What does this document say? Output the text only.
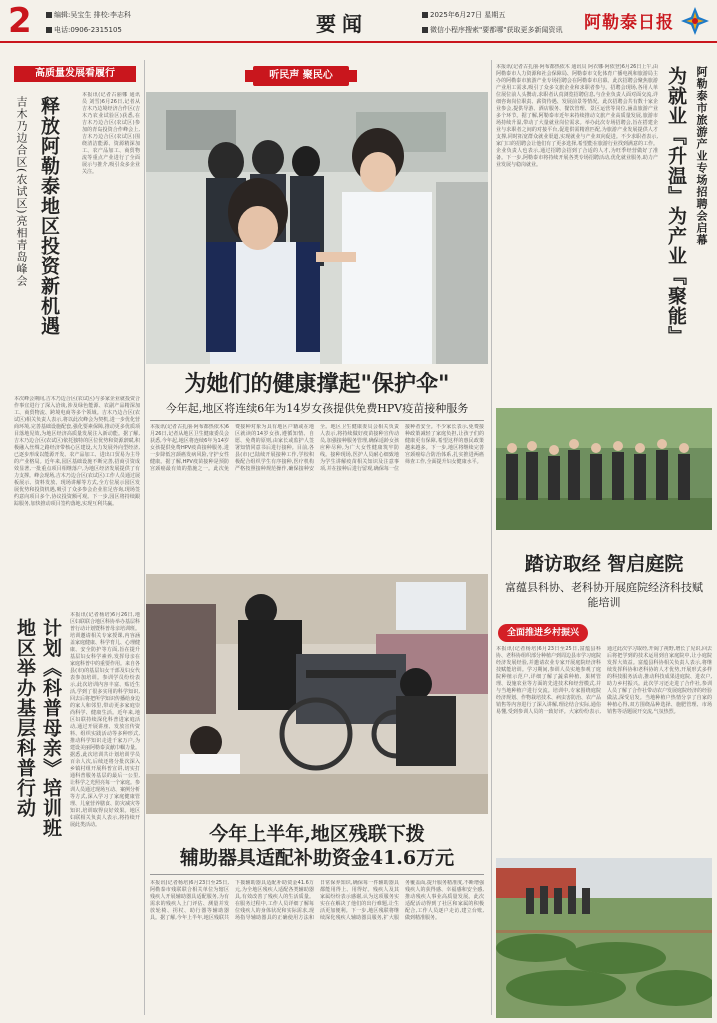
2	编辑:吴宝生 排校:李志科
电话:0906-2315105	要闻	2025年6月27日 星期五
微信小程序搜索"要都哪"获取更多新闻资讯 阿勒泰日报
高质量发展看履行
释放阿勒泰地区投资新机遇
吉木乃边合区(农试区)亮相青岛峰会
本报讯(记者古丽娜 通讯员 刘雪)6月26日,记者从吉木乃边境经济合作区(吉木乃农业试验区)获悉,在吉木乃边合区(农试区)参加的青岛投资合作峰会上,吉木乃边合区(农试区)围绕清洁能源、资源精深加工、农产品加工、商贸物流等重点产业进行了全面展示与推介,吸引众多企业关注。
本次峰会期间,吉木乃边合区(农试区)与多家企业就投资合作事宜进行了深入洽谈,涉及绿色能源、农副产品精深加工、商贸物流、跨境电商等多个领域。吉木乃边合区(农试区)相关负责人表示,将以此次峰会为契机,进一步优化营商环境,完善基础设施配套,强化要素保障,推动更多优质项目落地见效,为地区经济高质量发展注入新动能。据了解,吉木乃边合区(农试区)依托独特的区位优势和资源禀赋,积极融入丝绸之路经济带核心区建设,大力发展外向型经济,已逐步形成以能源开发、农产品加工、进出口贸易为主导的产业格局。近年来,园区基础设施不断完善,招商引资成效显著,一批重点项目相继落户,为地区经济发展提供了有力支撑。峰会现场,吉木乃边合区(农试区)工作人员通过展板展示、资料发放、现场讲解等方式,全方位展示园区发展优势和投资机遇,吸引了众多参会企业驻足咨询,现场签约意向项目多个,协议投资额可观。下一步,园区将持续跟踪服务,加快推动项目签约落地,实现互利共赢。
地区举办基层科普行动 计划《科普母亲》培训班
本报讯(记者杨培)6月26日,地区妇联联合地区科协举办基层科普行动计划暨科普母亲培训班。培训邀请相关专家授课,内容涵盖家庭健康、科学育儿、心理健康、安全防护等方面,旨在提升基层妇女科学素养,发挥母亲在家庭科普中的重要作用。来自各县(市)的基层妇女干部及妇女代表参加培训。参训学员纷纷表示,此次培训内容丰富、贴近生活,学到了很多实用的科学知识,回去后将把所学知识传播给身边的家人和邻里,带动更多家庭崇尚科学、健康生活。近年来,地区妇联持续深化科普进家庭活动,通过开展讲座、发放宣传资料、组织实践活动等多种形式,推动科学知识走进千家万户,为建设美丽阿勒泰贡献巾帼力量。据悉,此次培训共计划培训学员百余人次,后续还将分批次深入乡镇村组开展科普宣讲,切实打通科普服务基层的最后一公里,让科学之光照亮每一个家庭。参训人员通过现场互动、案例分析等方式,深入学习了家庭健康管理、儿童营养膳食、防灾减灾等知识,培训取得良好效果。地区妇联相关负责人表示,将持续开展此类活动。
听民声 聚民心
为她们的健康撑起"保护伞"
今年起,地区将连续6年为14岁女孩提供免费HPV疫苗接种服务
本报讯(记者古扎丽·阿布都热依木)6月26日,记者从地区卫生健康委员会获悉,今年起,地区将连续6年为14岁女孩提供免费HPV疫苗接种服务,进一步降低宫颈癌发病风险,守护女性健康。据了解,HPV疫苗接种是预防宫颈癌最有效的措施之一。此次免费接种对象为具有地区户籍或在地区就读的14岁女孩,遵循知情、自愿、免费的原则,由家长或监护人签署知情同意书后进行接种。目前,各县(市)已陆续开展接种工作,学校积极配合组织学生有序接种,医疗机构严格按照接种规范操作,确保接种安全。地区卫生健康委员会相关负责人表示,将持续做好疫苗接种宣传动员,加强接种服务管理,确保适龄女孩应种尽种,为广大女性健康筑牢防线。接种现场,医护人员耐心细致地为学生讲解疫苗相关知识及注意事项,并在接种后进行留观,确保每一位接种者安全。不少家长表示,免费接种政策减轻了家庭负担,让孩子们的健康更有保障,希望这样的惠民政策越来越多。下一步,地区将继续完善宫颈癌综合防治体系,扎实推进两癌筛查工作,全面提升妇女健康水平。
今年上半年,地区残联下拨
辅助器具适配补助资金41.6万元
本报讯(记者杨培)6月23日至25日,阿勒泰市残联联合相关单位为辖区残疾人开展辅助器具适配服务,为有需求的残疾人上门评估、测量并发放轮椅、拐杖、助行器等辅助器具。据了解,今年上半年,地区残联共下拨辅助器具适配补助资金41.6万元,为全地区残疾人适配各类辅助器具,有效改善了残疾人的生活质量。在服务过程中,工作人员详细了解每位残疾人的身体状况和实际需求,现场指导辅助器具的正确使用方法和日常保养知识,确保每一件辅助器具都能用得上、用得好。残疾人及其家属纷纷表示感谢,认为这项服务实实在在解决了他们的出行难题,让生活更加便利。下一步,地区残联将继续深化残疾人辅助器具服务,扩大服务覆盖面,提升服务精准度,不断增强残疾人的获得感、幸福感和安全感,推动残疾人事业高质量发展。此次适配活动得到了社区和家属的积极配合,工作人员逐户走访,建立台账,做到精准服务。
阿勒泰市旅游产业专场招聘会启幕
为就业『升温』为产业『聚能』
本报讯(记者古扎丽·阿布都热依木 通讯员 阿衣娜·阿依登)6月26日上午,由阿勒泰市人力资源和社会保障局、阿勒泰市文化体育广播电视和旅游局主办的阿勒泰市旅游产业专场招聘会在阿勒泰市启幕。此次招聘会聚焦旅游产业用工需求,吸引了众多文旅企业和求职者参与。招聘会现场,各用人单位展位前人头攒动,求职者认真浏览招聘信息,与企业负责人面对面交流,详细咨询岗位职责、薪资待遇、发展前景等情况。此次招聘会共有数十家企业参会,提供导游、酒店服务、餐饮管理、景区运营等岗位,涵盖旅游产业多个环节。据了解,阿勒泰市近年来持续推动文旅产业高质量发展,旅游市场持续升温,带动了大量就业岗位需求。举办此次专场招聘会,旨在搭建企业与求职者之间的对接平台,促进供需精准匹配,为旅游产业发展提供人才支撑,同时拓宽群众就业渠道,实现就业与产业双向促进。不少求职者表示,家门口的招聘会让他们有了更多选择,希望能在旅游行业找到满意的工作。企业负责人也表示,通过招聘会招到了合适的人才,为旺季经营做好了准备。下一步,阿勒泰市将持续开展各类专场招聘活动,优化就业服务,助力产业发展与稳岗就业。
踏访取经 智启庭院
富蕴县科协、老科协开展庭院经济科技赋能培训
全面推进乡村振兴
本报讯(记者杨培)6月23日至25日,富蕴县科协、老科协组织部分种植户到周边县市学习庭院经济发展经验,并邀请农业专家开展庭院经济科技赋能培训。学习期间,参训人员实地参观了庭院种植示范户,详细了解了蔬菜种植、果树管理、设施农业等方面的先进技术和经营模式,并与当地种植户进行交流。培训中,专家围绕庭院经济规划、作物栽培技术、病虫害防治、农产品销售等内容进行了深入讲解,理论结合实际,通俗易懂,受到参训人员的一致好评。大家纷纷表示,通过此次学习取经,开阔了视野,增长了见识,回去后将把学到的技术运用到自家庭院中,让小庭院发挥大效益。富蕴县科协相关负责人表示,将继续发挥科协和老科协的人才优势,开展形式多样的科技服务活动,推动科技成果进庭院、进农户,助力乡村振兴。此次学习还走进了合作社,参训人员了解了合作社带动农户发展庭院经济的经验做法,深受启发。当地种植户热情分享了自家的种植心得,双方围绕品种选择、施肥管理、市场销售等话题展开交流,气氛热烈。
